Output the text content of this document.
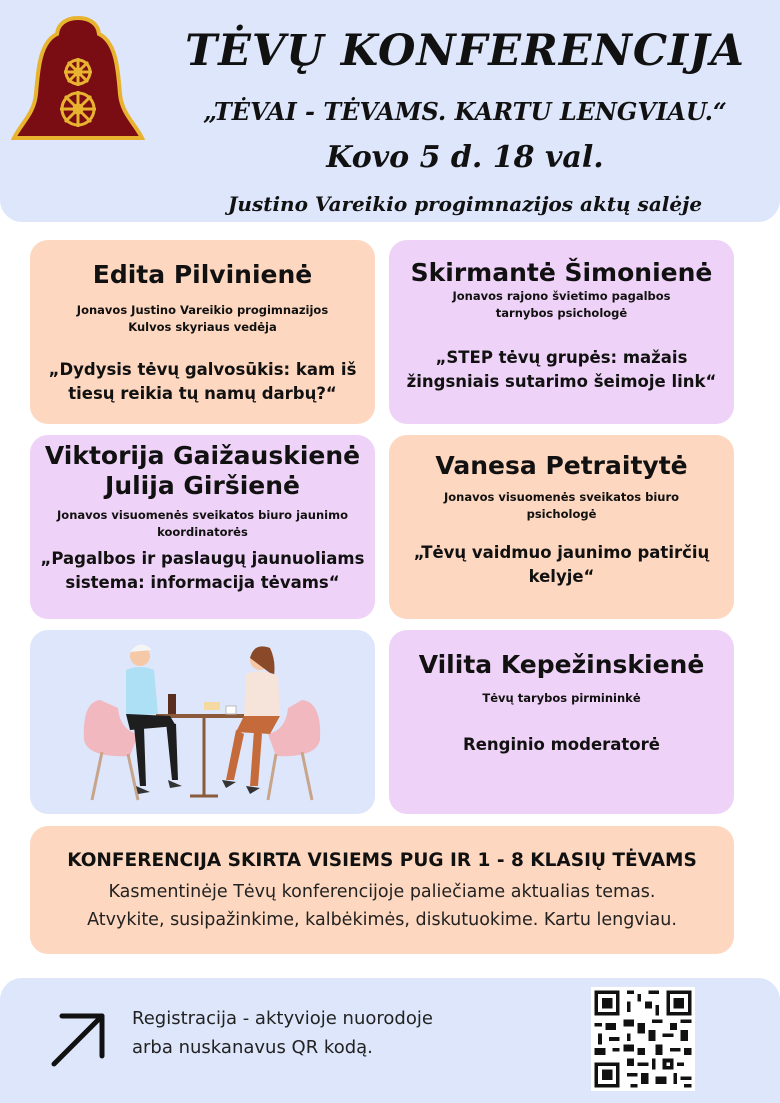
TĖVŲ KONFERENCIJA
„TĖVAI - TĖVAMS. KARTU LENGVIAU.“
Kovo 5 d. 18 val.
Justino Vareikio progimnazijos aktų salėje
Edita Pilvinienė
Jonavos Justino Vareikio progimnazijos
Kulvos skyriaus vedėja
„Dydysis tėvų galvosūkis: kam iš
tiesų reikia tų namų darbų?“
Skirmantė Šimonienė
Jonavos rajono švietimo pagalbos
tarnybos psichologė
„STEP tėvų grupės: mažais
žingsniais sutarimo šeimoje link“
Viktorija Gaižauskienė
Julija Giršienė
Jonavos visuomenės sveikatos biuro jaunimo
koordinatorės
„Pagalbos ir paslaugų jaunuoliams
sistema: informacija tėvams“
Vanesa Petraitytė
Jonavos visuomenės sveikatos biuro
psichologė
„Tėvų vaidmuo jaunimo patirčių
kelyje“
Vilita Kepežinskienė
Tėvų tarybos pirmininkė
Renginio moderatorė
KONFERENCIJA SKIRTA VISIEMS PUG IR 1 - 8 KLASIŲ TĖVAMS
Kasmentinėje Tėvų konferencijoje paliečiame aktualias temas.
Atvykite, susipažinkime, kalbėkimės, diskutuokime. Kartu lengviau.
Registracija - aktyvioje nuorodoje
arba nuskanavus QR kodą.
